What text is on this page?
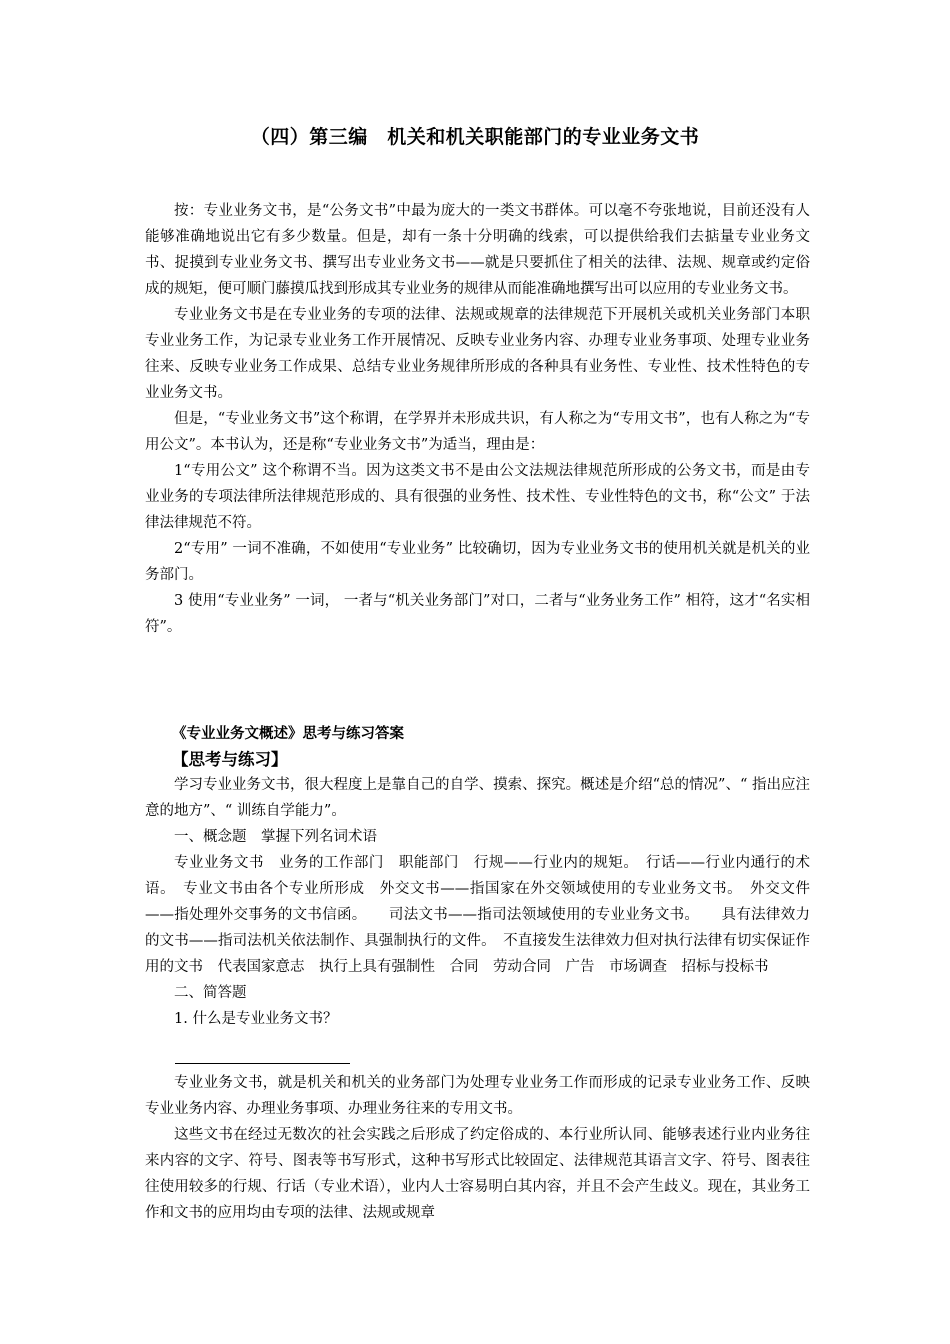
（四）第三编　机关和机关职能部门的专业业务文书

按：专业业务文书，是“公务文书”中最为庞大的一类文书群体。可以毫不夸张地说，目前还没有人能够准确地说出它有多少数量。但是，却有一条十分明确的线索，可以提供给我们去掂量专业业务文书、捉摸到专业业务文书、撰写出专业业务文书——就是只要抓住了相关的法律、法规、规章或约定俗成的规矩，便可顺门藤摸瓜找到形成其专业业务的规律从而能准确地撰写出可以应用的专业业务文书。

专业业务文书是在专业业务的专项的法律、法规或规章的法律规范下开展机关或机关业务部门本职专业业务工作，为记录专业业务工作开展情况、反映专业业务内容、办理专业业务事项、处理专业业务往来、反映专业业务工作成果、总结专业业务规律所形成的各种具有业务性、专业性、技术性特色的专业业务文书。

但是，“专业业务文书”这个称谓，在学界并未形成共识，有人称之为“专用文书”，也有人称之为“专用公文”。本书认为，还是称“专业业务文书”为适当，理由是：

1“专用公文” 这个称谓不当。因为这类文书不是由公文法规法律规范所形成的公务文书，而是由专业业务的专项法律所法律规范形成的、具有很强的业务性、技术性、专业性特色的文书，称“公文” 于法律法律规范不符。

2“专用” 一词不准确，不如使用“专业业务” 比较确切，因为专业业务文书的使用机关就是机关的业务部门。

3 使用“专业业务” 一词， 一者与“机关业务部门”对口，二者与“业务业务工作” 相符，这才“名实相符”。

《专业业务文概述》思考与练习答案
【思考与练习】

学习专业业务文书，很大程度上是靠自己的自学、摸索、探究。概述是介绍“总的情况”、“ 指出应注意的地方”、“ 训练自学能力”。

一、概念题　掌握下列名词术语

专业业务文书　业务的工作部门　职能部门　行规——行业内的规矩。　行话——行业内通行的术语。　专业文书由各个专业所形成　外交文书——指国家在外交领域使用的专业业务文书。　外交文件——指处理外交事务的文书信函。　　司法文书——指司法领域使用的专业业务文书。　　具有法律效力的文书——指司法机关依法制作、具强制执行的文件。　不直接发生法律效力但对执行法律有切实保证作用的文书　代表国家意志　执行上具有强制性　合同　劳动合同　广告　市场调查　招标与投标书

二、简答题

1. 什么是专业业务文书？

专业业务文书，就是机关和机关的业务部门为处理专业业务工作而形成的记录专业业务工作、反映专业业务内容、办理业务事项、办理业务往来的专用文书。

这些文书在经过无数次的社会实践之后形成了约定俗成的、本行业所认同、能够表述行业内业务往来内容的文字、符号、图表等书写形式，这种书写形式比较固定、法律规范其语言文字、符号、图表往往使用较多的行规、行话（专业术语），业内人士容易明白其内容，并且不会产生歧义。现在，其业务工作和文书的应用均由专项的法律、法规或规章
